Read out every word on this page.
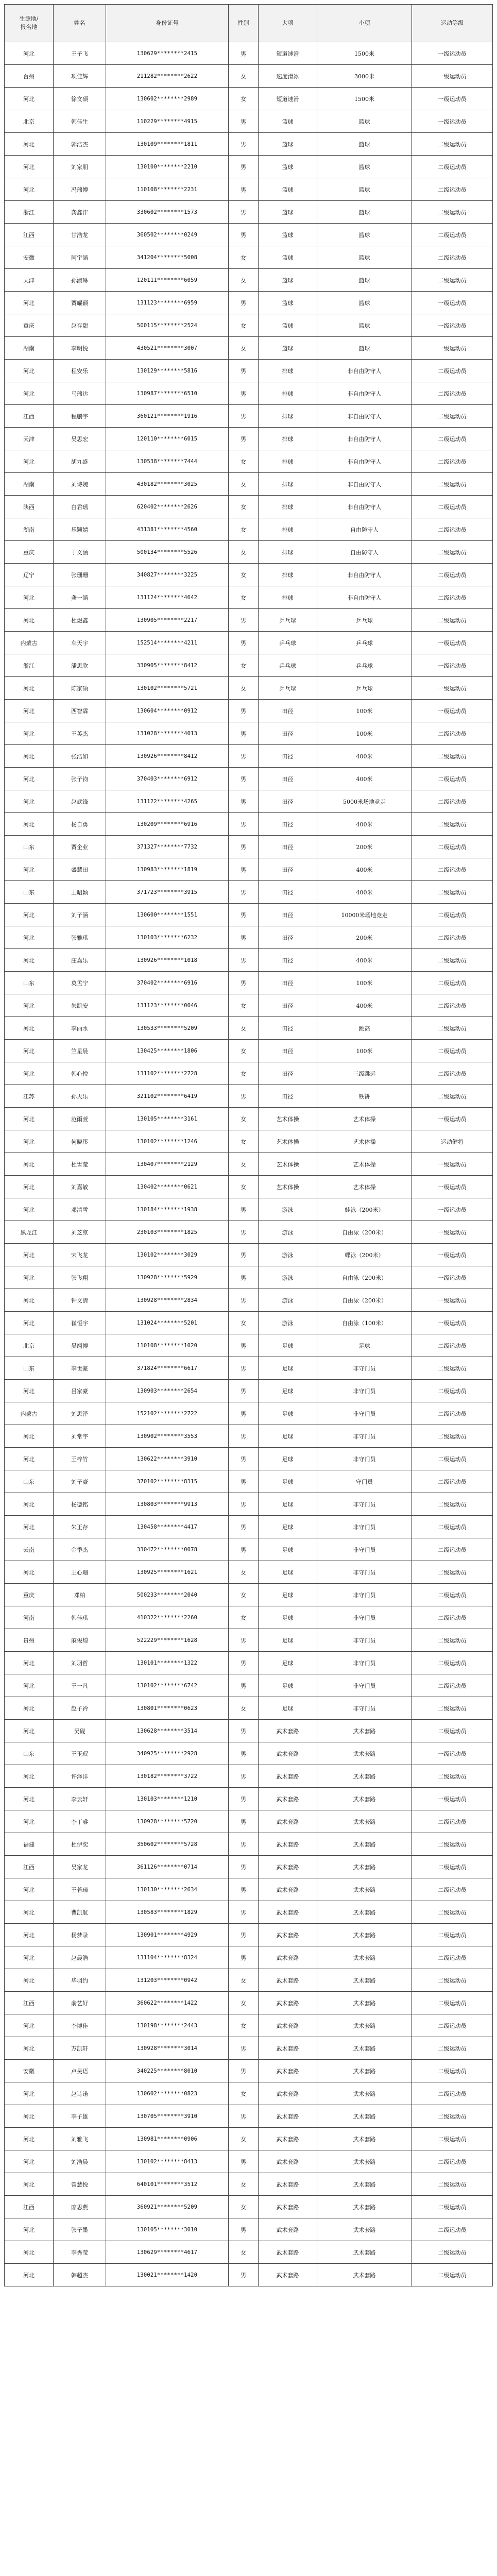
生源地/
报名地	姓名	身份证号	性别	大项	小项	运动等级
河北	王子飞	130629********2415	男	短道速滑	1500米	一级运动员
台州	项佳辉	211282********2622	女	速度滑冰	3000米	一级运动员
河北	徐文硕	130602********2989	女	短道速滑	1500米	一级运动员
北京	韩佳生	110229********4915	男	篮球	篮球	一级运动员
河北	郭浩杰	130109********1811	男	篮球	篮球	二级运动员
河北	刘家朋	130100********2210	男	篮球	篮球	二级运动员
河北	冯瑞博	110108********2231	男	篮球	篮球	二级运动员
浙江	龚鑫沣	330602********1573	男	篮球	篮球	二级运动员
江西	甘浩龙	360502********0249	男	篮球	篮球	二级运动员
安徽	阿宇涵	341204********5008	女	篮球	篮球	二级运动员
天津	孙淑琳	120111********6059	女	篮球	篮球	二级运动员
河北	贾耀颖	131123********6959	男	篮球	篮球	一级运动员
重庆	赵存甜	500115********2524	女	篮球	篮球	一级运动员
湖南	李明悦	430521********3007	女	篮球	篮球	一级运动员
河北	程安乐	130129********5816	男	排球	非自由防守人	二级运动员
河北	马瑞达	130987********6510	男	排球	非自由防守人	二级运动员
江西	程鹏宇	360121********1916	男	排球	非自由防守人	二级运动员
天津	吴思宏	120110********6015	男	排球	非自由防守人	二级运动员
河北	胡九盛	130538********7444	女	排球	非自由防守人	二级运动员
湖南	刘诗婉	430182********3025	女	排球	非自由防守人	二级运动员
陕西	白君瑶	620402********2626	女	排球	非自由防守人	二级运动员
湖南	乐颖婧	431381********4560	女	排球	自由防守人	二级运动员
重庆	于义涵	500134********5526	女	排球	自由防守人	二级运动员
辽宁	张珊珊	340827********3225	女	排球	非自由防守人	二级运动员
河北	龚一涵	131124********4642	女	排球	非自由防守人	二级运动员
河北	杜煜鑫	130905********2217	男	乒乓球	乒乓球	二级运动员
内蒙古	车天宇	152514********4211	男	乒乓球	乒乓球	一级运动员
浙江	潘思欣	330905********8412	女	乒乓球	乒乓球	一级运动员
河北	陈家硕	130102********5721	女	乒乓球	乒乓球	一级运动员
河北	西智霖	130604********0912	男	田径	100米	一级运动员
河北	王英杰	131028********4013	男	田径	100米	二级运动员
河北	张浩如	130926********8412	男	田径	400米	二级运动员
河北	张子钧	370403********6912	男	田径	400米	二级运动员
河北	赵武锋	131122********4265	男	田径	5000米场地竞走	二级运动员
河北	杨自勇	130209********6916	男	田径	400米	二级运动员
山东	贾企业	371327********7732	男	田径	200米	二级运动员
河北	盛慧田	130983********1819	男	田径	400米	二级运动员
山东	王昭颖	371723********3915	男	田径	400米	二级运动员
河北	刘子涵	130600********1551	男	田径	10000米场地竞走	二级运动员
河北	张雅琪	130103********6232	男	田径	200米	二级运动员
河北	庄嘉乐	130926********1018	男	田径	400米	二级运动员
山东	莫孟宁	370402********6916	男	田径	100米	二级运动员
河北	朱凯安	131123********0046	女	田径	400米	二级运动员
河北	李丽水	130533********5209	女	田径	跳高	二级运动员
河北	竺星晨	130425********1806	女	田径	100米	二级运动员
河北	韩心悦	131102********2728	女	田径	三级跳远	二级运动员
江苏	孙天乐	321102********6419	男	田径	铁饼	二级运动员
河北	范雨萱	130105********3161	女	艺术体操	艺术体操	一级运动员
河北	何晓彤	130102********1246	女	艺术体操	艺术体操	运动健将
河北	杜雪莹	130407********2129	女	艺术体操	艺术体操	一级运动员
河北	刘嘉敏	130402********0621	女	艺术体操	艺术体操	一级运动员
河北	邓清雪	130184********1938	男	游泳	蛙泳（200米）	一级运动员
黑龙江	刘芝京	230103********1825	男	游泳	自由泳（200米）	一级运动员
河北	宋飞龙	130102********3029	男	游泳	蝶泳（200米）	一级运动员
河北	张飞翔	130928********5929	男	游泳	自由泳（200米）	一级运动员
河北	钟文清	130928********2834	男	游泳	自由泳（200米）	一级运动员
河北	崔恒宇	131024********5201	女	游泳	自由泳（100米）	一级运动员
北京	吴翊博	110108********1020	男	足球	足球	二级运动员
山东	李世豪	371824********6617	男	足球	非守门员	二级运动员
河北	吕家豪	130903********2654	男	足球	非守门员	二级运动员
内蒙古	刘思泽	152102********2722	男	足球	非守门员	二级运动员
河北	刘常宇	130902********3553	男	足球	非守门员	二级运动员
河北	王梓竹	130622********3910	男	足球	非守门员	二级运动员
山东	刘子豪	370102********8315	男	足球	守门员	二级运动员
河北	杨德铭	130803********9913	男	足球	非守门员	二级运动员
河北	朱正存	130458********4417	男	足球	非守门员	二级运动员
云南	金季杰	330472********0078	男	足球	非守门员	二级运动员
河北	王心珊	130925********1621	女	足球	非守门员	二级运动员
重庆	邓柏	500233********2040	女	足球	非守门员	二级运动员
河南	韩佳琪	410322********2260	女	足球	非守门员	二级运动员
贵州	麻俊煌	522229********1628	男	足球	非守门员	二级运动员
河北	刘羽哲	130101********1322	男	足球	非守门员	二级运动员
河北	王一凡	130102********6742	男	足球	非守门员	二级运动员
河北	赵子衿	130801********0623	女	足球	非守门员	二级运动员
河北	吴砚	130628********3514	男	武术套路	武术套路	二级运动员
山东	王玉珉	340925********2928	男	武术套路	武术套路	一级运动员
河北	许泽洋	130182********3722	男	武术套路	武术套路	二级运动员
河北	李云轩	130103********1210	男	武术套路	武术套路	一级运动员
河北	李丁睿	130928********5720	男	武术套路	武术套路	二级运动员
福建	杜伊奕	350602********5728	男	武术套路	武术套路	二级运动员
江西	吴家龙	361126********0714	男	武术套路	武术套路	二级运动员
河北	王若璋	130130********2634	男	武术套路	武术套路	二级运动员
河北	曹凯航	130583********1829	男	武术套路	武术套路	二级运动员
河北	杨梦录	130901********4929	男	武术套路	武术套路	二级运动员
河北	赵晨浩	131104********8324	男	武术套路	武术套路	二级运动员
河北	毕羽约	131203********0942	女	武术套路	武术套路	二级运动员
江西	俞艺好	360622********1422	女	武术套路	武术套路	二级运动员
河北	李博佳	130198********2443	女	武术套路	武术套路	二级运动员
河北	万凯轩	130928********3014	男	武术套路	武术套路	二级运动员
安徽	卢昊语	340225********8010	男	武术套路	武术套路	二级运动员
河北	赵诗诺	130602********0823	女	武术套路	武术套路	二级运动员
河北	李子雄	130705********3910	男	武术套路	武术套路	二级运动员
河北	刘雅飞	130981********0906	女	武术套路	武术套路	二级运动员
河北	刘浩晨	130102********8413	男	武术套路	武术套路	二级运动员
河北	曾慧悦	640101********3512	女	武术套路	武术套路	二级运动员
江西	廖思燕	360921********5209	女	武术套路	武术套路	二级运动员
河北	张子墨	130105********3010	男	武术套路	武术套路	二级运动员
河北	李秀莹	130629********4617	女	武术套路	武术套路	二级运动员
河北	韩超杰	130021********1420	男	武术套路	武术套路	二级运动员
